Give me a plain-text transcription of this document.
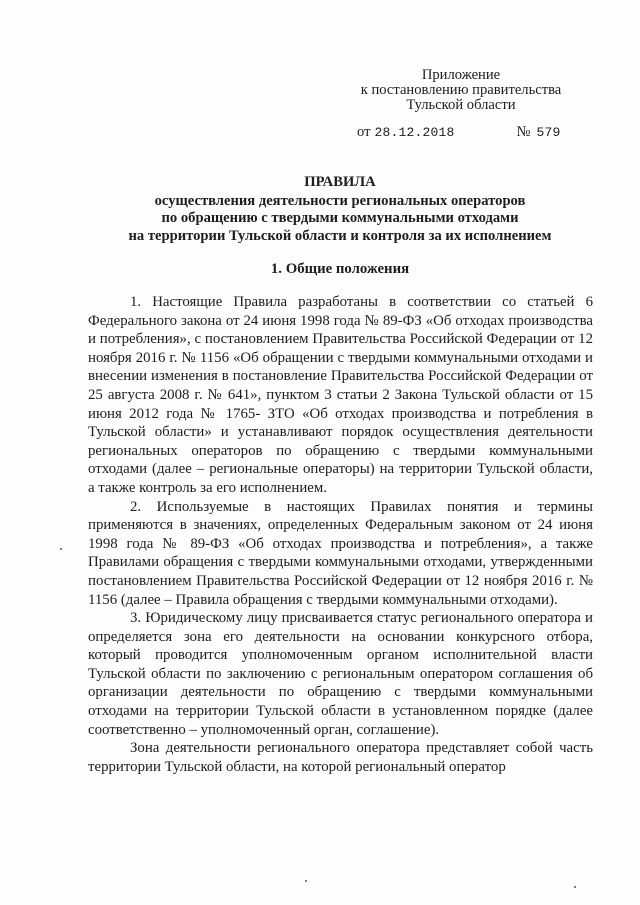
Приложение
к постановлению правительства
Тульской области
от 28.12.2018	№ 579
ПРАВИЛА
осуществления деятельности региональных операторов
по обращению с твердыми коммунальными отходами
на территории Тульской области и контроля за их исполнением
1. Общие положения

1. Настоящие Правила разработаны в соответствии со статьей 6 Федерального закона от 24 июня 1998 года № 89-ФЗ «Об отходах производства и потребления», с постановлением Правительства Российской Федерации от 12 ноября 2016 г. № 1156 «Об обращении с твердыми коммунальными отходами и внесении изменения в постановление Правительства Российской Федерации от 25 августа 2008 г. № 641», пунктом 3 статьи 2 Закона Тульской области от 15 июня 2012 года № 1765- ЗТО «Об отходах производства и потребления в Тульской области» и устанавливают порядок осуществления деятельности региональных операторов по обращению с твердыми коммунальными отходами (далее – региональные операторы) на территории Тульской области, а также контроль за его исполнением.

2. Используемые в настоящих Правилах понятия и термины применяются в значениях, определенных Федеральным законом от 24 июня 1998 года № 89-ФЗ «Об отходах производства и потребления», а также Правилами обращения с твердыми коммунальными отходами, утвержденными постановлением Правительства Российской Федерации от 12 ноября 2016 г. № 1156 (далее – Правила обращения с твердыми коммунальными отходами).

3. Юридическому лицу присваивается статус регионального оператора и определяется зона его деятельности на основании конкурсного отбора, который проводится уполномоченным органом исполнительной власти Тульской области по заключению с региональным оператором соглашения об организации деятельности по обращению с твердыми коммунальными отходами на территории Тульской области в установленном порядке (далее соответственно – уполномоченный орган, соглашение).

Зона деятельности регионального оператора представляет собой часть территории Тульской области, на которой региональный оператор
